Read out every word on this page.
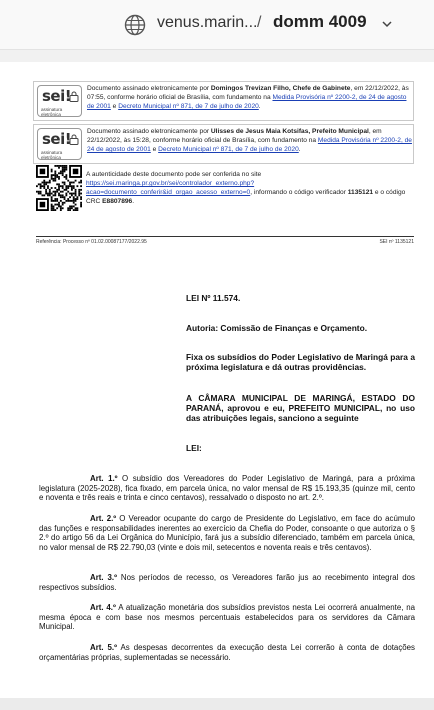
venus.marin... / domm 4009
sei!
assinatura
eletrônica
Documento assinado eletronicamente por Domingos Trevizan Filho, Chefe de Gabinete, em 22/12/2022, às 07:55, conforme horário oficial de Brasília, com fundamento na Medida Provisória nº 2200-2, de 24 de agosto de 2001 e Decreto Municipal nº 871, de 7 de julho de 2020.
sei!
assinatura
eletrônica
Documento assinado eletronicamente por Ulisses de Jesus Maia Kotsifas, Prefeito Municipal, em 22/12/2022, às 15:28, conforme horário oficial de Brasília, com fundamento na Medida Provisória nº 2200-2, de 24 de agosto de 2001 e Decreto Municipal nº 871, de 7 de julho de 2020.
A autenticidade deste documento pode ser conferida no site https://sei.maringa.pr.gov.br/sei/controlador_externo.php?acao=documento_conferir&id_orgao_acesso_externo=0, informando o código verificador 1135121 e o código CRC E8807896.
Referência: Processo nº 01.02.00087177/2022.95	SEI nº 1135121
LEI Nº 11.574.
Autoria: Comissão de Finanças e Orçamento.
Fixa os subsídios do Poder Legislativo de Maringá para a próxima legislatura e dá outras providências.
A CÂMARA MUNICIPAL DE MARINGÁ, ESTADO DO PARANÁ, aprovou e eu, PREFEITO MUNICIPAL, no uso das atribuições legais, sanciono a seguinte
LEI:

Art. 1.º O subsídio dos Vereadores do Poder Legislativo de Maringá, para a próxima legislatura (2025-2028), fica fixado, em parcela única, no valor mensal de R$ 15.193,35 (quinze mil, cento e noventa e três reais e trinta e cinco centavos), ressalvado o disposto no art. 2.º.

Art. 2.º O Vereador ocupante do cargo de Presidente do Legislativo, em face do acúmulo das funções e responsabilidades inerentes ao exercício da Chefia do Poder, consoante o que autoriza o § 2.º do artigo 56 da Lei Orgânica do Município, fará jus a subsídio diferenciado, também em parcela única, no valor mensal de R$ 22.790,03 (vinte e dois mil, setecentos e noventa reais e três centavos).

Art. 3.º Nos períodos de recesso, os Vereadores farão jus ao recebimento integral dos respectivos subsídios.

Art. 4.º A atualização monetária dos subsídios previstos nesta Lei ocorrerá anualmente, na mesma época e com base nos mesmos percentuais estabelecidos para os servidores da Câmara Municipal.

Art. 5.º As despesas decorrentes da execução desta Lei correrão à conta de dotações orçamentárias próprias, suplementadas se necessário.
